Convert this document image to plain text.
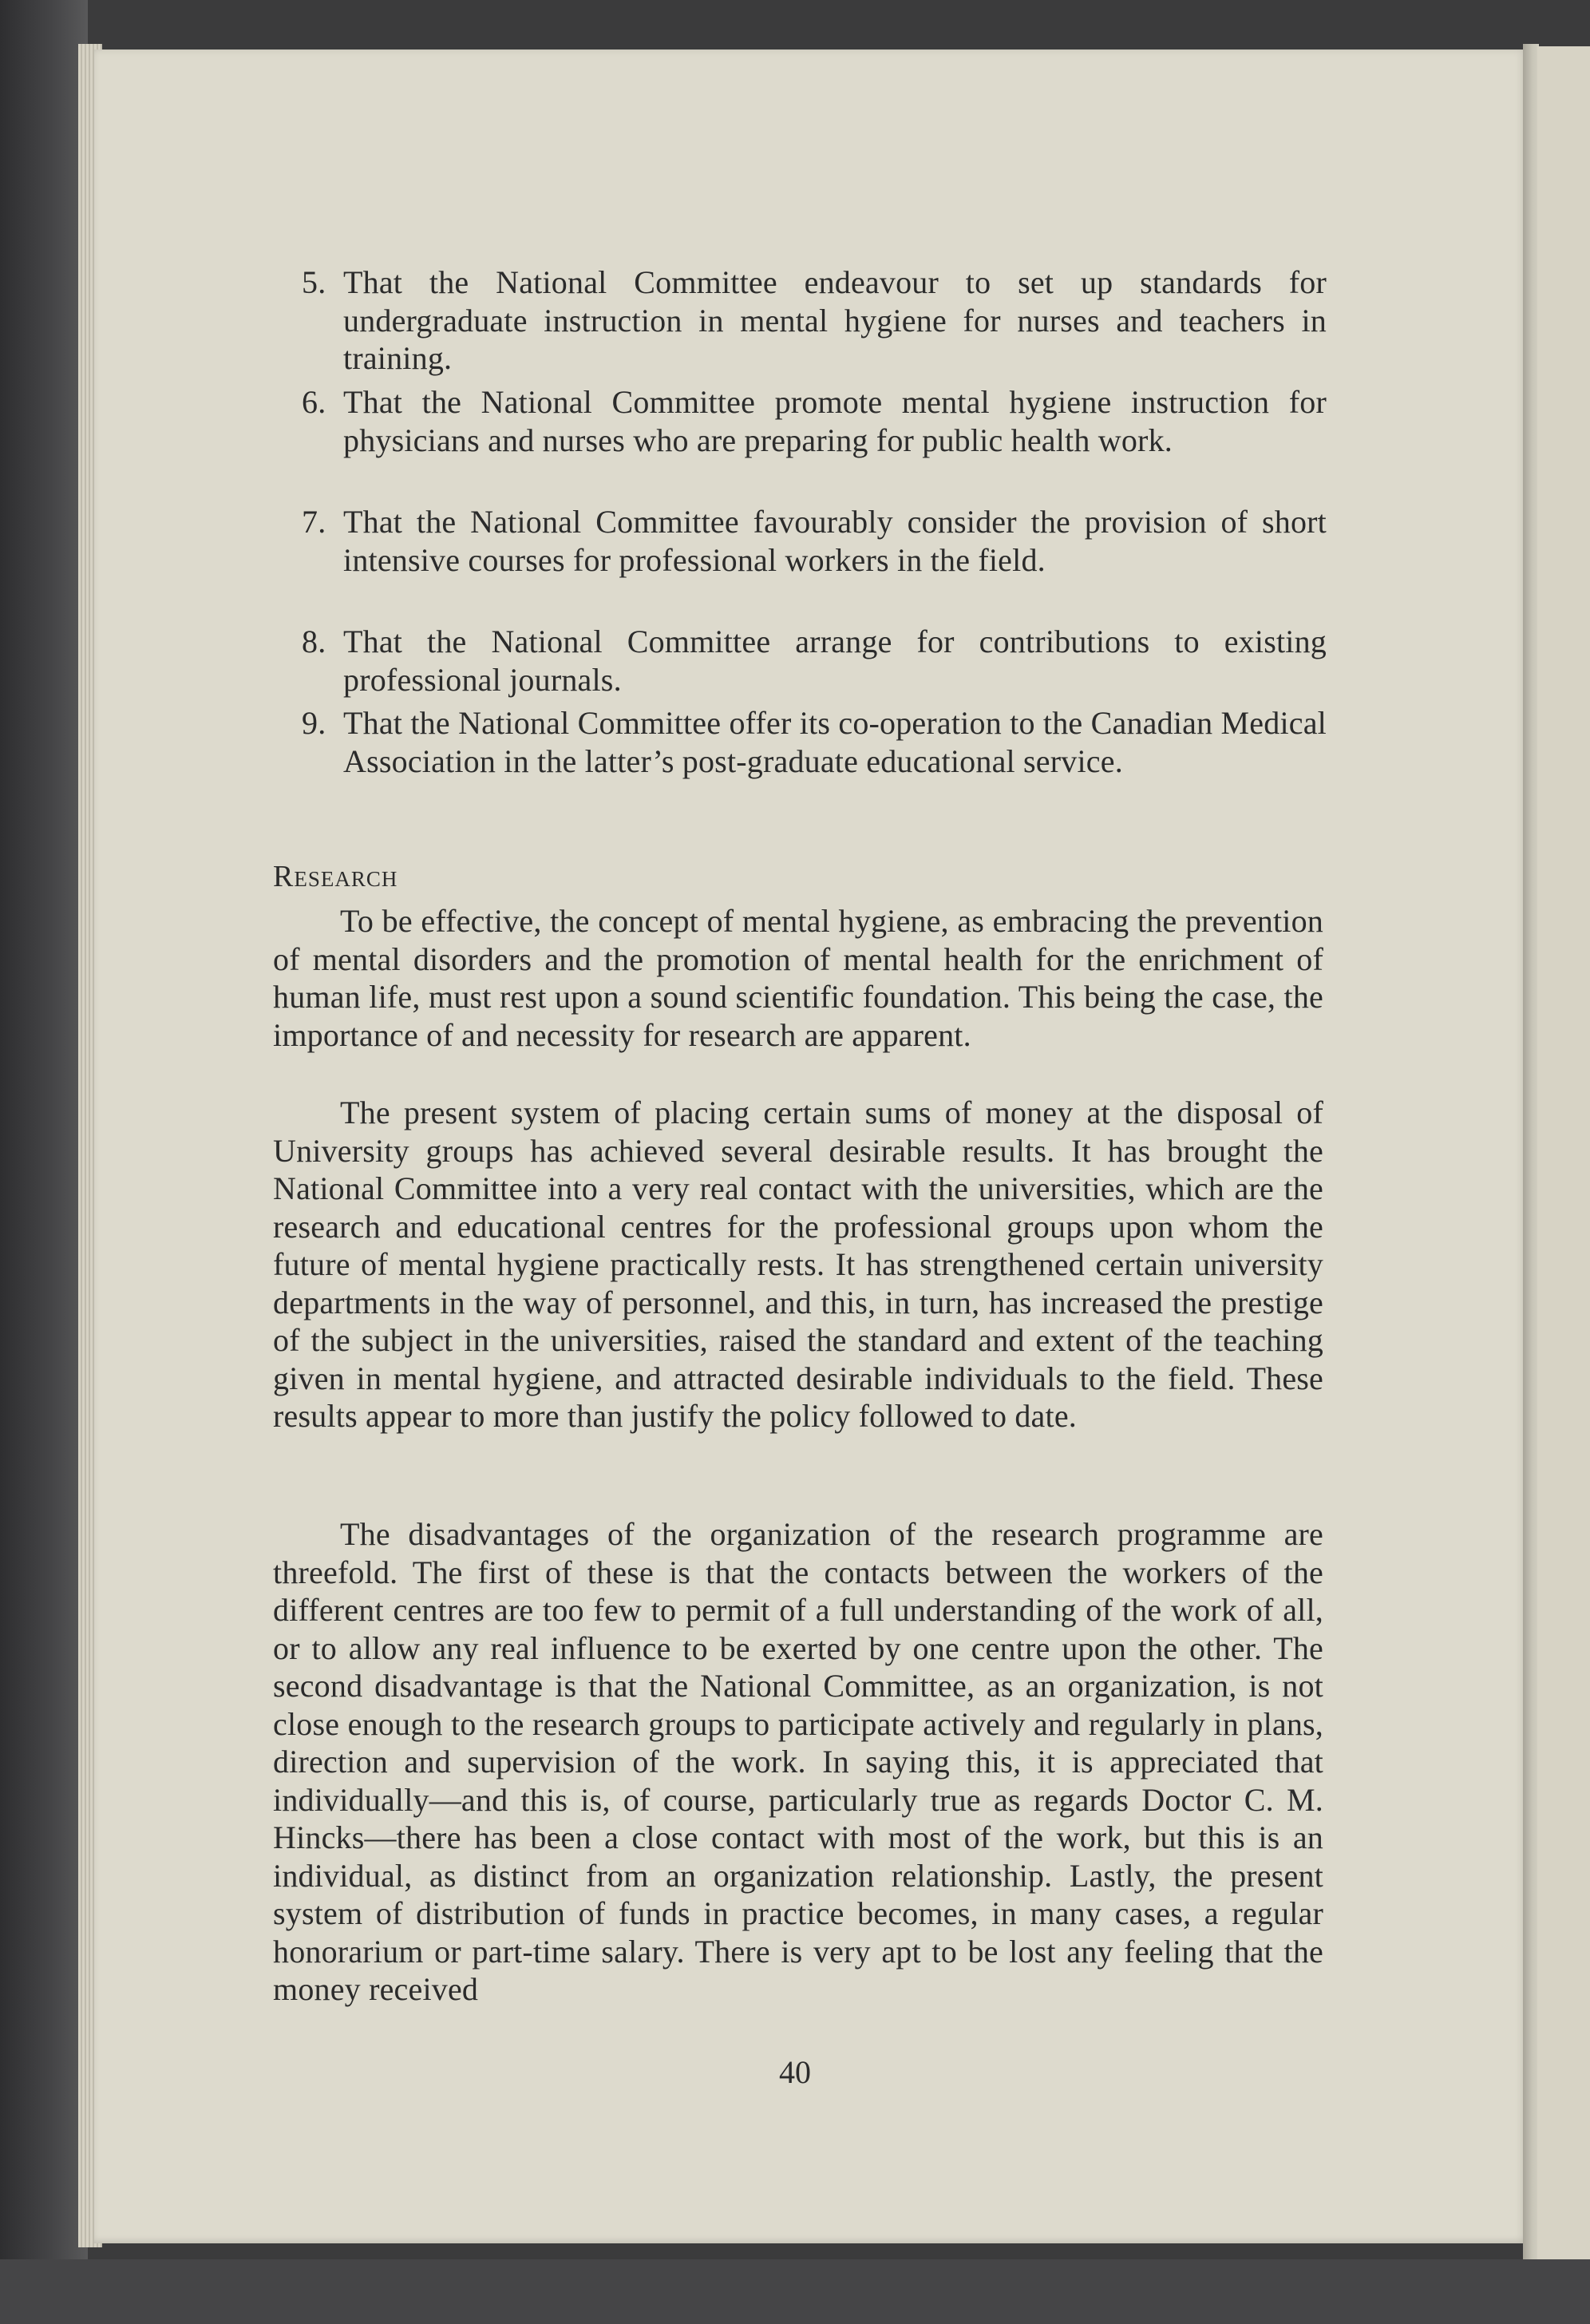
5. That the National Committee endeavour to set up standards for undergraduate instruction in mental hygiene for nurses and teachers in training.
6. That the National Committee promote mental hygiene instruction for physicians and nurses who are preparing for public health work.
7. That the National Committee favourably consider the provision of short intensive courses for professional workers in the field.
8. That the National Committee arrange for contributions to existing professional journals.
9. That the National Committee offer its co-operation to the Canadian Medical Association in the latter’s post-graduate educational service.
Research
To be effective, the concept of mental hygiene, as embracing the prevention of mental disorders and the promotion of mental health for the enrichment of human life, must rest upon a sound scientific foundation. This being the case, the importance of and necessity for research are apparent.
The present system of placing certain sums of money at the disposal of University groups has achieved several desirable results. It has brought the National Committee into a very real contact with the universities, which are the research and educational centres for the professional groups upon whom the future of mental hygiene practically rests. It has strengthened certain university departments in the way of personnel, and this, in turn, has increased the prestige of the subject in the universities, raised the standard and extent of the teaching given in mental hygiene, and attracted desirable individuals to the field. These results appear to more than justify the policy followed to date.
The disadvantages of the organization of the research programme are threefold. The first of these is that the contacts between the workers of the different centres are too few to permit of a full understanding of the work of all, or to allow any real influence to be exerted by one centre upon the other. The second disadvantage is that the National Committee, as an organization, is not close enough to the research groups to participate actively and regularly in plans, direction and supervision of the work. In saying this, it is appreciated that individually—and this is, of course, particularly true as regards Doctor C. M. Hincks—there has been a close contact with most of the work, but this is an individual, as distinct from an organization relationship. Lastly, the present system of distribution of funds in practice becomes, in many cases, a regular honorarium or part-time salary. There is very apt to be lost any feeling that the money received
40
